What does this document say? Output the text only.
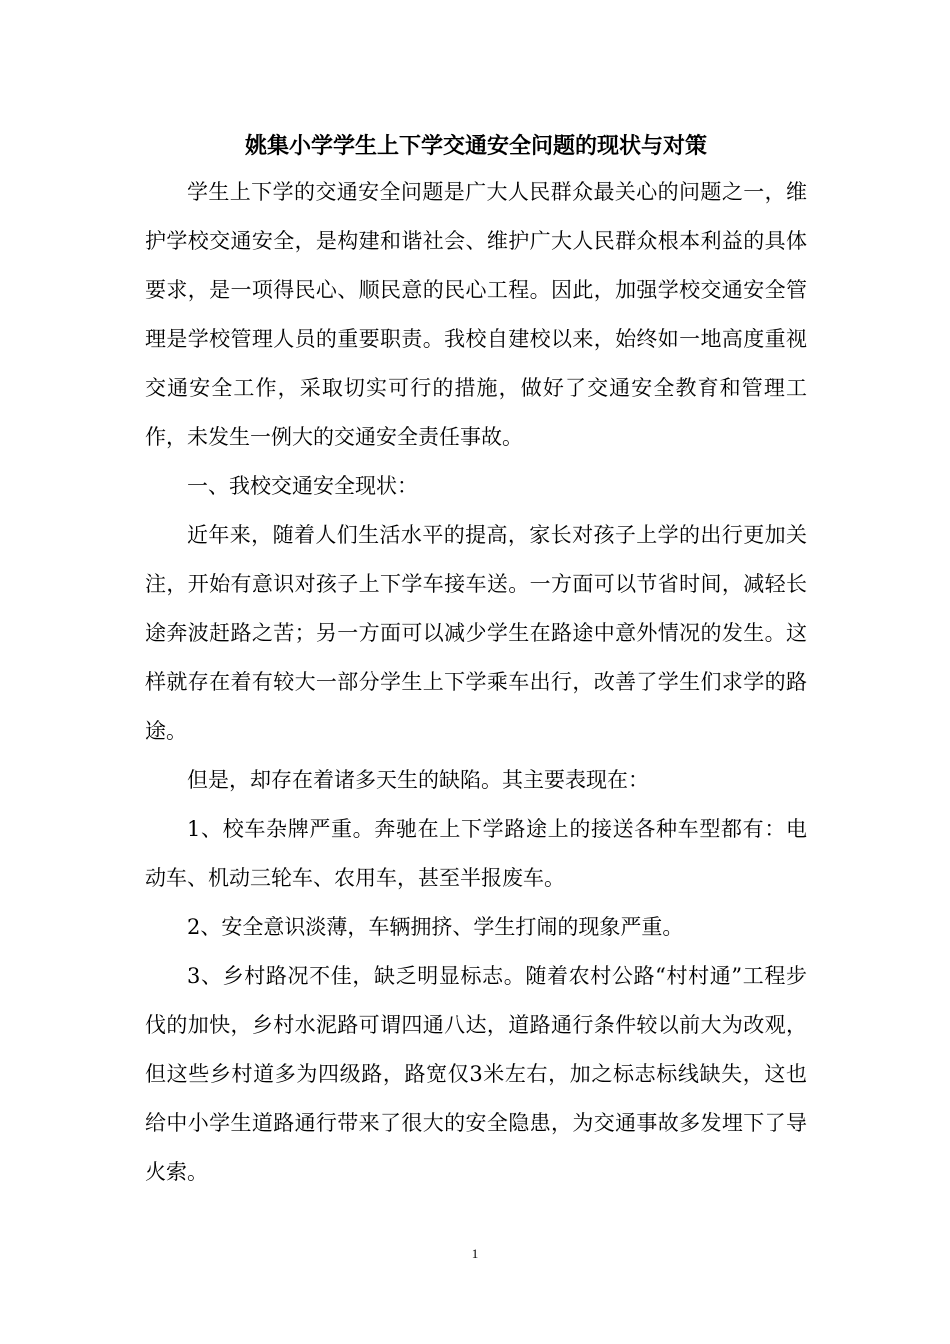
姚集小学学生上下学交通安全问题的现状与对策

学生上下学的交通安全问题是广大人民群众最关心的问题之一，维护学校交通安全，是构建和谐社会、维护广大人民群众根本利益的具体要求，是一项得民心、顺民意的民心工程。因此，加强学校交通安全管理是学校管理人员的重要职责。我校自建校以来，始终如一地高度重视交通安全工作，采取切实可行的措施，做好了交通安全教育和管理工作，未发生一例大的交通安全责任事故。

一、我校交通安全现状：

近年来，随着人们生活水平的提高，家长对孩子上学的出行更加关注，开始有意识对孩子上下学车接车送。一方面可以节省时间，减轻长途奔波赶路之苦；另一方面可以减少学生在路途中意外情况的发生。这样就存在着有较大一部分学生上下学乘车出行，改善了学生们求学的路途。

但是，却存在着诸多天生的缺陷。其主要表现在：

1、校车杂牌严重。奔驰在上下学路途上的接送各种车型都有：电动车、机动三轮车、农用车，甚至半报废车。

2、安全意识淡薄，车辆拥挤、学生打闹的现象严重。

3、乡村路况不佳，缺乏明显标志。随着农村公路“村村通”工程步伐的加快，乡村水泥路可谓四通八达，道路通行条件较以前大为改观，但这些乡村道多为四级路，路宽仅3米左右，加之标志标线缺失，这也给中小学生道路通行带来了很大的安全隐患，为交通事故多发埋下了导火索。

1
